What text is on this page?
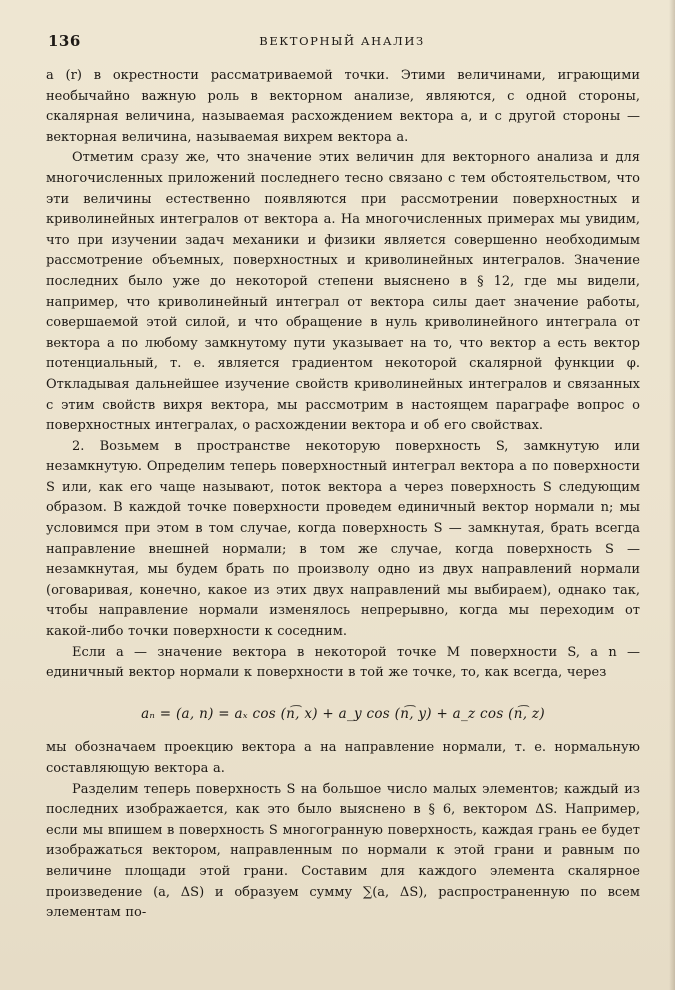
136	ВЕКТОРНЫЙ АНАЛИЗ

a (r) в окрестности рассматриваемой точки. Этими величинами, играющими необычайно важную роль в векторном анализе, являются, с одной стороны, скалярная величина, называемая расхождением вектора a, и с другой стороны — векторная величина, называемая вихрем вектора a.

Отметим сразу же, что значение этих величин для векторного анализа и для многочисленных приложений последнего тесно связано с тем обстоятельством, что эти величины естественно появляются при рассмотрении поверхностных и криволинейных интегралов от вектора a. На многочисленных примерах мы увидим, что при изучении задач механики и физики является совершенно необходимым рассмотрение объемных, поверхностных и криволинейных интегралов. Значение последних было уже до некоторой степени выяснено в § 12, где мы видели, например, что криволинейный интеграл от вектора силы дает значение работы, совершаемой этой силой, и что обращение в нуль криволинейного интеграла от вектора a по любому замкнутому пути указывает на то, что вектор a есть вектор потенциальный, т. е. является градиентом некоторой скалярной функции φ. Откладывая дальнейшее изучение свойств криволинейных интегралов и связанных с этим свойств вихря вектора, мы рассмотрим в настоящем параграфе вопрос о поверхностных интегралах, о расхождении вектора и об его свойствах.

2. Возьмем в пространстве некоторую поверхность S, замкнутую или незамкнутую. Определим теперь поверхностный интеграл вектора a по поверхности S или, как его чаще называют, поток вектора a через поверхность S следующим образом. В каждой точке поверхности проведем единичный вектор нормали n; мы условимся при этом в том случае, когда поверхность S — замкнутая, брать всегда направление внешней нормали; в том же случае, когда поверхность S — незамкнутая, мы будем брать по произволу одно из двух направлений нормали (оговаривая, конечно, какое из этих двух направлений мы выбираем), однако так, чтобы направление нормали изменялось непрерывно, когда мы переходим от какой-либо точки поверхности к соседним.

Если a — значение вектора в некоторой точке M поверхности S, а n — единичный вектор нормали к поверхности в той же точке, то, как всегда, через

aₙ = (a, n) = aₓ cos (n͡, x) + a_y cos (n͡, y) + a_z cos (n͡, z)

мы обозначаем проекцию вектора a на направление нормали, т. е. нормальную составляющую вектора a.

Разделим теперь поверхность S на большое число малых элементов; каждый из последних изображается, как это было выяснено в § 6, вектором ΔS. Например, если мы впишем в поверхность S многогранную поверхность, каждая грань ее будет изображаться вектором, направленным по нормали к этой грани и равным по величине площади этой грани. Составим для каждого элемента скалярное произведение (a, ΔS) и образуем сумму ∑(a, ΔS), распространенную по всем элементам по-
